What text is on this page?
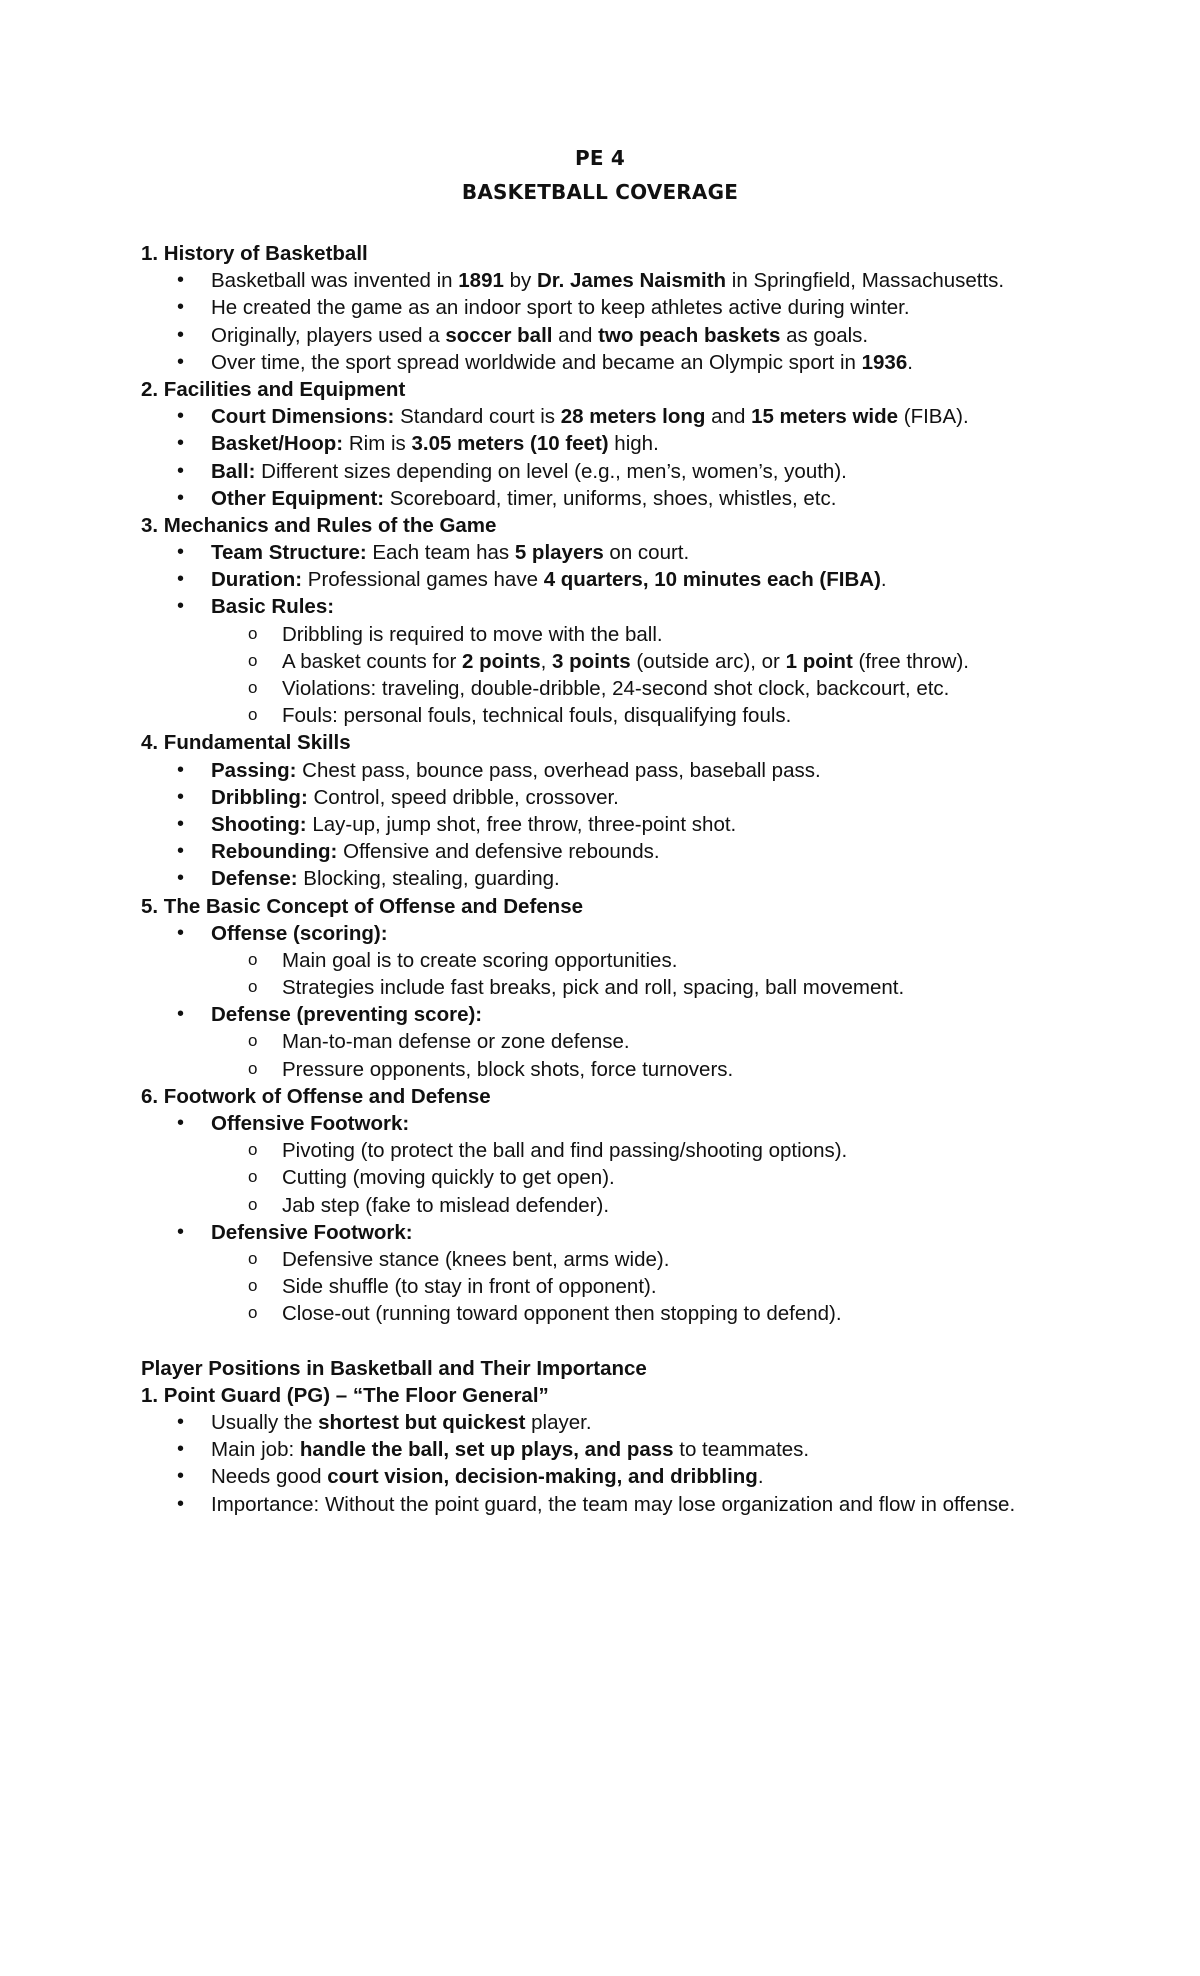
PE 4
BASKETBALL COVERAGE
1. History of Basketball
• Basketball was invented in 1891 by Dr. James Naismith in Springfield, Massachusetts.
• He created the game as an indoor sport to keep athletes active during winter.
• Originally, players used a soccer ball and two peach baskets as goals.
• Over time, the sport spread worldwide and became an Olympic sport in 1936.
2. Facilities and Equipment
• Court Dimensions: Standard court is 28 meters long and 15 meters wide (FIBA).
• Basket/Hoop: Rim is 3.05 meters (10 feet) high.
• Ball: Different sizes depending on level (e.g., men’s, women’s, youth).
• Other Equipment: Scoreboard, timer, uniforms, shoes, whistles, etc.
3. Mechanics and Rules of the Game
• Team Structure: Each team has 5 players on court.
• Duration: Professional games have 4 quarters, 10 minutes each (FIBA).
• Basic Rules:
o Dribbling is required to move with the ball.
o A basket counts for 2 points, 3 points (outside arc), or 1 point (free throw).
o Violations: traveling, double-dribble, 24-second shot clock, backcourt, etc.
o Fouls: personal fouls, technical fouls, disqualifying fouls.
4. Fundamental Skills
• Passing: Chest pass, bounce pass, overhead pass, baseball pass.
• Dribbling: Control, speed dribble, crossover.
• Shooting: Lay-up, jump shot, free throw, three-point shot.
• Rebounding: Offensive and defensive rebounds.
• Defense: Blocking, stealing, guarding.
5. The Basic Concept of Offense and Defense
• Offense (scoring):
o Main goal is to create scoring opportunities.
o Strategies include fast breaks, pick and roll, spacing, ball movement.
• Defense (preventing score):
o Man-to-man defense or zone defense.
o Pressure opponents, block shots, force turnovers.
6. Footwork of Offense and Defense
• Offensive Footwork:
o Pivoting (to protect the ball and find passing/shooting options).
o Cutting (moving quickly to get open).
o Jab step (fake to mislead defender).
• Defensive Footwork:
o Defensive stance (knees bent, arms wide).
o Side shuffle (to stay in front of opponent).
o Close-out (running toward opponent then stopping to defend).
Player Positions in Basketball and Their Importance
1. Point Guard (PG) – “The Floor General”
• Usually the shortest but quickest player.
• Main job: handle the ball, set up plays, and pass to teammates.
• Needs good court vision, decision-making, and dribbling.
• Importance: Without the point guard, the team may lose organization and flow in offense.
